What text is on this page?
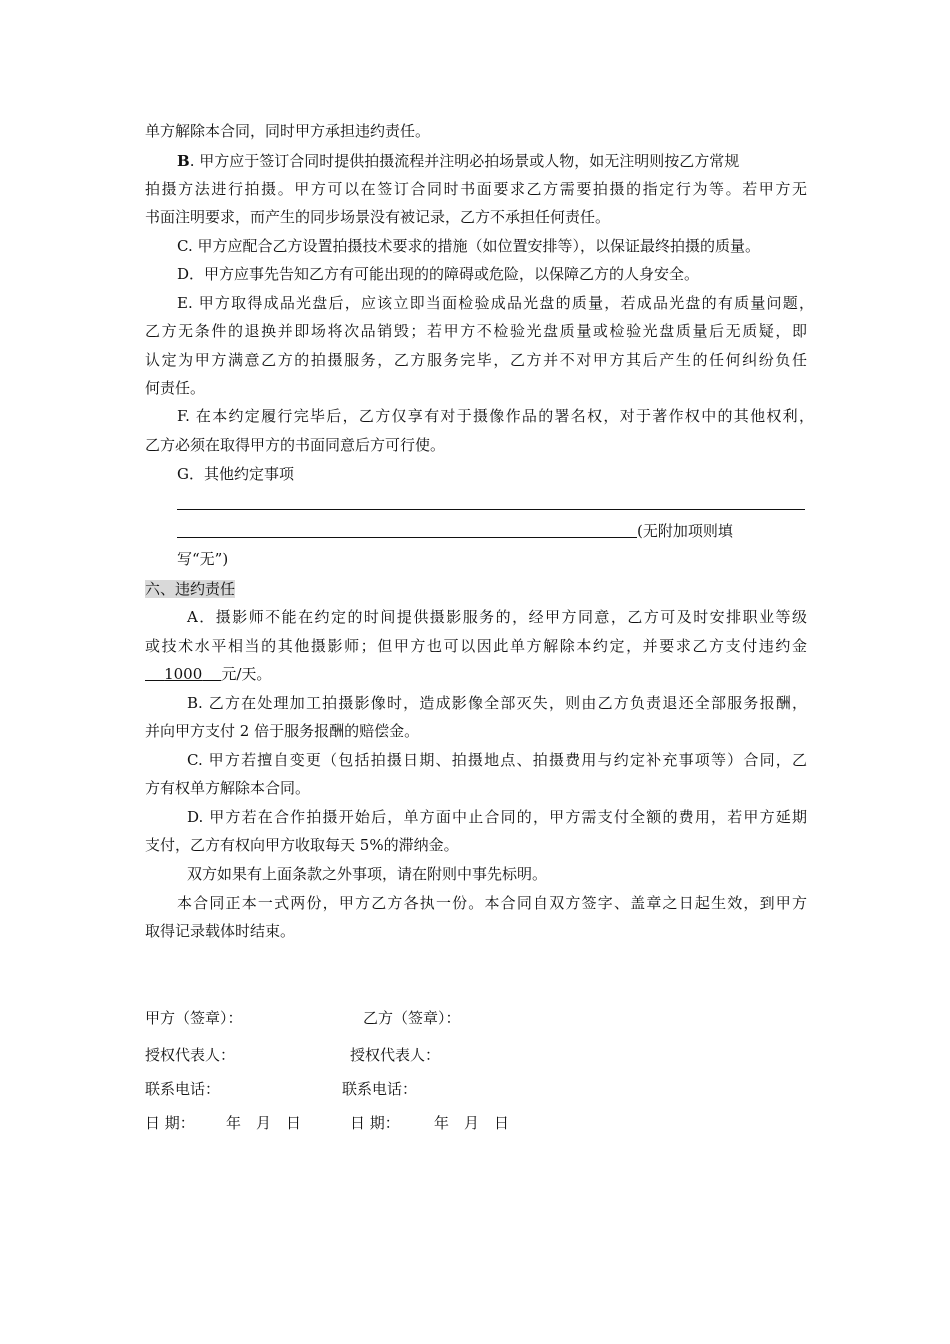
单方解除本合同，同时甲方承担违约责任。
B. 甲方应于签订合同时提供拍摄流程并注明必拍场景或人物，如无注明则按乙方常规
拍摄方法进行拍摄。甲方可以在签订合同时书面要求乙方需要拍摄的指定行为等。若甲方无
书面注明要求，而产生的同步场景没有被记录，乙方不承担任何责任。
C. 甲方应配合乙方设置拍摄技术要求的措施（如位置安排等），以保证最终拍摄的质量。
D．甲方应事先告知乙方有可能出现的的障碍或危险，以保障乙方的人身安全。
E. 甲方取得成品光盘后，应该立即当面检验成品光盘的质量，若成品光盘的有质量问题，
乙方无条件的退换并即场将次品销毁；若甲方不检验光盘质量或检验光盘质量后无质疑，即
认定为甲方满意乙方的拍摄服务，乙方服务完毕，乙方并不对甲方其后产生的任何纠纷负任
何责任。
F. 在本约定履行完毕后，乙方仅享有对于摄像作品的署名权，对于著作权中的其他权利，
乙方必须在取得甲方的书面同意后方可行使。
G．其他约定事项
(无附加项则填
写“无”)
六、违约责任
A．摄影师不能在约定的时间提供摄影服务的，经甲方同意，乙方可及时安排职业等级
或技术水平相当的其他摄影师；但甲方也可以因此单方解除本约定，并要求乙方支付违约金
1000 元/天。
B. 乙方在处理加工拍摄影像时，造成影像全部灭失，则由乙方负责退还全部服务报酬，
并向甲方支付 2 倍于服务报酬的赔偿金。
C. 甲方若擅自变更（包括拍摄日期、拍摄地点、拍摄费用与约定补充事项等）合同，乙
方有权单方解除本合同。
D. 甲方若在合作拍摄开始后，单方面中止合同的，甲方需支付全额的费用，若甲方延期
支付，乙方有权向甲方收取每天 5%的滞纳金。
双方如果有上面条款之外事项，请在附则中事先标明。
本合同正本一式两份，甲方乙方各执一份。本合同自双方签字、盖章之日起生效，到甲方
取得记录载体时结束。
甲方（签章）：	乙方（签章）：
授权代表人：	授权代表人：
联系电话：	联系电话：
日 期： 年　月　日	日 期： 年　月　日
